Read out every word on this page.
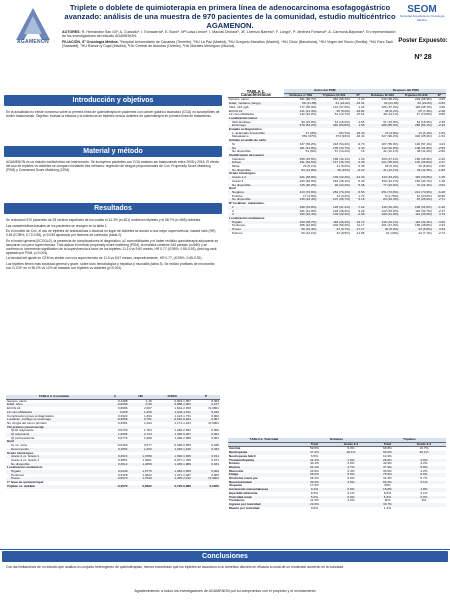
AGAMENON
SEOM
Sociedad Española de Oncología Médica
Triplete o doblete de quimioterapia en primera línea de adenocarcinoma esofagogástrico avanzado: análisis de una muestra de 970 pacientes de la comunidad, estudio multicéntrico AGAMENON.
AUTORES: R. Hernández San Gil¹, A. Custodio², I. Echavarría³, E. Buxó⁴, Mª Luisa Limón⁵, I. Macías Declara⁶, JE. Lorenzo Barreto¹, F. Longo⁷, P. Jiménez Fonseca⁸, A. Carmona-Bayonas⁹. En representación de los investigadores del estudio AGAMENON.
FILIACIÓN, Sº Oncología Médica: ¹Hospital Universitario de Canarias (Tenerife), ²HU La Paz (Madrid), ³HU Gregorio Marañón (Madrid), ⁴HU Clinic (Barcelona), ⁵HU Virgen del Rocío (Sevilla), ⁶HU Parc Taulí (Sabadell), ⁷HU Ramón y Cajal (Madrid), ⁸HU Central de Asturias (Oviedo), ⁹HU Morales Meseguer (Murcia).
Poster Expuesto:
Nº 28
Introducción y objetivos
En la actualidad no existe consenso sobre la primera línea de quimioterapia en pacientes con cáncer gástrico avanzado (CGA) no susceptibles de recibir trastuzumab. Objetivo: evaluar la eficacia y la tolerancia de tripletes versus dobletes de quimioterapia en primera línea de tratamiento.
Material y método
AGAMENON es un estudio multicéntrico sin intervención. Se incluyeron pacientes con CGA tratados sin trastuzumab entre 2008 y 2016. El efecto del uso de tripletes vs dobletes se comparó mediante tres métodos: regresión de riesgos proporcionales de Cox, Propensity Score Matching (PSM) y Coarsened Score Matching (CEM).
Resultados

Se reclutaron 970 pacientes de 28 centros españoles de los cuales el 41.3% (n=401) recibieron tripletes y el 58.7% (n=565) dobletes.

Las características basales de los pacientes se recogen en la tabla 1.

En el modelo de Cox, el uso de tripletes de antraciclinas o taxanos en lugar de dobletes se asoció a una mejor supervivencia, hazard ratio (HR) 0.84 (IC95%, 0.72-0.98), p=0.035 ajustando por factores de confusión (tabla 2).

En el match general (ECOG≥2), la presencia de complicaciones al diagnóstico, ≥2 comorbilidades y el haber recibido quimioterapia adyuvante se asociaron con peor supervivencia. Tras aplicar el método propensity score matching (PSM), la muestra contiene 340 parejas (n=680) y se confirma un incremento significativo de la supervivencia a favor de los tripletes: 11.14 vs 9.60 meses, HR 0.77 (IC95%, 0.65-0.92), (test log-rank ajustado por PSM, p=0.004).

La bondad del ajuste en CEM es similar con una supervivencia de 11.5 vs 8.67 meses, respectivamente, HR 0.77, (IC95%, 0.65-0.92).

Los tripletes tienen más toxicidad general y grave, sobre todo hematológica y hepática y mucositis (tabla 3). Se realizó profilaxis de neumonitis con G-CSF en el 36.2% vs 12% de tratados con tripletes vs dobletes (p<0.001).

TABLA 2. Covariable	b	HR	IC95%	P
Género, varón	0,1488	1,16	0,903-1,357	0,363
Edad, años	-0,0056	0,99	0,988-1,001	0,107
ECOG ≥2	0,6966	2,007	1,644-2,450	<0,0001
≥2 comorbilidades	0,228	1,256	1,044-1,511	0,016
Complicación grave al diagnóstico	0,3322	1,394	1,123-1,731	0,002
Localizac. esófago vs estómago	-0,2866	0,751	0,610-0,924	0,007
No cirugía del tumor primario	0,2581	1,294	1,171-1,431	<0,0001
Tto previos (recurrencia)				
Qt-Rt adyuvante	0,5700	1,784	1,248-2,552	0,002
Qt adyuvante	1,0096	2,744	1,430-5,267	0,002
Qt perioperatoria	0,6776	1,969	1,298-2,986	0,001
Her2				
3+ vs. otros	-0,5490	0,577	0,336-0,993	0,048
Desconocido	0,1852	1,203	1,018-1,426	0,033
Grado histológico				
Grado 2 vs. Grado 1	0,3913	1,4789	1,096-1,995	0,011
Grado 3 vs. Grado 1	0,3851	1,3201	0,977-1,796	0,071
No disponible	0,3612	1,4350	1,035-1,989	0,031
Localización metástasis				
Hígado	0,2449	1,2775	1,084-1,506	0,004
Peritoneo	0,2329	1,2622	1,071-1,487	0,005
Hueso	0,5670	1,7630	1,405-2,212	<0,0001
1ª línea de quimioterapia				
Triplete vs. doblete	-0,1670	0,8462	0,725-0,988	0,0355
TABLA 1.
Características	Antes del PSM			Después del PSM		
	Dobletes n=569	Tripletes N=401	Dª	Dobletes N=340	Tripletes N=340	Dª
Género, varón	391 (68,7%)	262 (65,3%)	-7.23	232 (68,2%)	224 (65,9%)	-4.69
Edad, mediana (rango)	66 (21-88)	61 (22-82)	-43.31	62 (21-83)	62 (22-82)	-0.63
CEA, ≥10 µg/L	177 (36,9%)	131 (37,5%)	1.24	106 (37,3%)	118 (38,7%)	4.99
ECOG ≥2	121 (21,3%)	25 (6,2%)	-44.84	28 (8,2%)	25 (7,4%)	-2.98
≥2 comorbilidades	132 (23,2%)	51 (12,7%)	-27.61	48 (14,1%)	47 (13,8%)	-0.86
Localización tumor						
Tallo Esófago	90 (15,8%)	61 (15,2%)	-1.65	51 (15,0%)	54 (15,9%)	2.49
Estómago	479 (84,2%)	340 (84,8%)	1.65	289 (85,0%)	286 (84,1%)	-2.49
Estadio al diagnóstico						
L. avanzado irresecable	17 (3%)	28 (7%)	18.43	13 (3,8%)	14 (4,1%)	1.54
Metastásico	552 (97%)	373 (93%)	-18.43	327 (96,2%)	326 (95,9%)	-1.54
Células en anillo de sello						
Sí	337 (59,2%)	218 (54,4%)	-9.70	187 (55,0%)	194 (57,1%)	4.23
No	181 (31,8%)	135 (33,7%)	4.40	112 (32,9%)	108 (31,8%)	-2.55
No disponible	51 (9%)	57 (14,2%)	16	41 (12,1%)	38 (11,2%)	-2.80
Clasificación de Lauren						
Intestinal	259 (45,5%)	185 (46,1%)	1.23	160 (47,1%)	156 (45,9%)	-2.40
Difusa	191 (33,6%)	147 (36,7%)	6.38	121 (35,6%)	125 (36,8%)	2.47
Mixta	29 (5,1%)	21 (5,2%)	0.45	18 (5,3%)	20 (5,9%)	2.60
No disponible	84 (14,8%)	48 (12%)	-8.22	41 (12,1%)	39 (11,5%)	-1.83
Grado histológico						
Grado 1-2	221 (38,8%)	130 (32,4%)	-13.33	113 (33,2%)	115 (33,8%)	1.25
Grado 3	233 (40,9%)	181 (45,1%)	8.49	150 (44,1%)	152 (44,7%)	1.18
No disponible	115 (20,2%)	90 (22,4%)	5.46	77 (22,6%)	72 (21,2%)	-3.54
Her2						
Negativo	413 (72,6%)	281 (70,1%)	-5.53	251 (73,8%)	241 (70,9%)	-6.48
Positivo	17 (2,9%)	13 (3,2%)	1.74	6 (1,76%)	12 (3,52%)	10.96
No disponible	139 (24,4%)	107 (26,7%)	5.16	83 (24,4%)	87 (25,6%)	2.71
Nº localizac. metástasis.						
1	198 (34,8%)	126 (31,4%)	-7.22	110 (32,4%)	108 (31,8%)	-1.26
2	181 (31,8%)	145 (36,2%)	9.29	122 (35,9%)	118 (34,7%)	-2.47
3	190 (33,4%)	130 (32,4%)	-2.06	108 (31,8%)	114 (33,5%)	3.79
Localización metástasis						
Hígado	220 (38,7%)	118 (29,4%)	-19.72	116 (34,1%)	110 (32,4%)	-3.60
Peritoneo	255 (44,8%)	202 (50,4%)	11.17	161 (47,4%)	166 (48,8%)	2.94
Hueso	59 (10,4%)	23 (5,7%)	-17.17	20 (5,9%)	23 (6,8%)	3.29
Pulmón	69 (12,1%)	34 (8,5%)	-11.86	31 (10%)	24 (7,1%)	-2.74
TABLA 3. Toxicidad	Dobletes		Tripletes	
	Total	Grado 3-4	Total	Grado 3-4
Anemia	59.6%	5.0%	68.8%	10.7%
Neutropenia	47.2%	18.1%	56.5%	30.1%
Neutropenia febril	6.5%		10.4%	
Trombocitopenia	21.4%	1.5%	28.0%	3.9%
Emesis	40.1%	3.6%	42.9%	4.2%
Diarrea	34.1%	4.7%	47.9%	6.8%
Mucositis	24.6%	2.4%	36.6%	4.2%
Fatiga	68.6%	5.5%	75.6%	8.6%
Síndrome mano pie	26.4%	0.9%	32.4%	5.7%
Neurotoxicidad	49.3%	4.5%	66.4%	5.1%
Alopecia	17.5%		69%	
Incremento transaminasas	9.2%	0.6%	15.8%	1.8%
Hiperbilirrubinemia	6.5%	2.1%	8.6%	2.1%
Toxicidad renal	5.0%	0.6%	6.3%	0.9%
Trombosis	11.3%	4.2%	11%	6%
Ingreso por toxicidad	22.6%		30.7%	
Muerte por toxicidad	0.6%		1.2%	
Conclusiones
Con las limitaciones de un estudio que analiza un conjunto heterogéneo de quimioterapias, hemos encontrado que los tripletes se asociaron a un beneficio discreto en eficacia a costa de un moderado aumento en la toxicidad.
Agradecimiento: a todos los investigadores de AGAMENON por su compromiso con el proyecto y el reclutamiento
